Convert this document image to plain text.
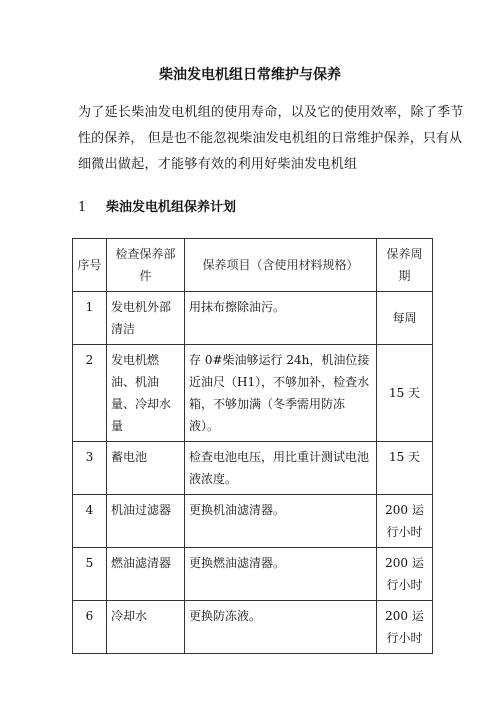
柴油发电机组日常维护与保养
为了延长柴油发电机组的使用寿命，以及它的使用效率，除了季节
性的保养， 但是也不能忽视柴油发电机组的日常维护保养，只有从
细微出做起，才能够有效的利用好柴油发电机组
1 柴油发电机组保养计划
序号	检查保养部件	保养项目（含使用材料规格）	保养周期
1	发电机外部清洁	用抹布擦除油污。	每周
2	发电机燃油、机油量、冷却水量	存 0#柴油够运行 24h，机油位接近油尺（H1），不够加补，检查水箱，不够加满（冬季需用防冻液）。	15 天
3	蓄电池	检查电池电压，用比重计测试电池液浓度。	15 天
4	机油过滤器	更换机油滤清器。	200 运行小时
5	燃油滤清器	更换燃油滤清器。	200 运行小时
6	冷却水	更换防冻液。	200 运行小时
